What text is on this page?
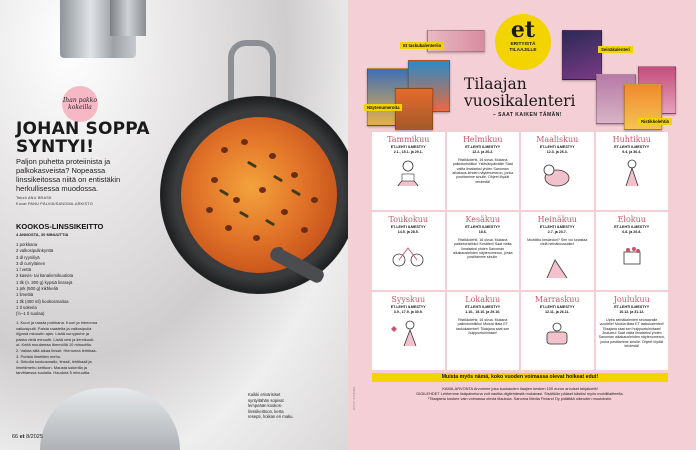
Ihan pakko kokeilla
JOHAN SOPPA
SYNTYI!

Paljon puhetta proteiinista ja palkokasveista? Nopeassa linssikeitossa niitä on entistäkin herkullisessa muodossa.

Teksti ANU BRASK
Kuvat PANU PÄLVIÄ/SANOMA-ARKISTO
KOOKOS-LINSSIKEITTO
4 ANNOSTA, 30 MINUUTTIA
1 porkkana
2 valkosipulinkynttä
3 dl ryyniliyä
3 dl curryläinen
1 l vettä
2 kasvis- tai kanaliemikuutiota
1 tlk (n. 300 g) kypsiä linssejä
1 prk (500 g) kikhkeliä
1 limettiä
1 tlk (400 ml) kookosmaitoa
1 tl sokeria
(½–1 tl suolaa)
1. Kuori ja raasta porkkana. Kuori ja hienonna
valkosipulit. Paista raasteita ja valkosipulia
öljyssä minuutin ajan. Lisää curryjauhe ja
paista vielä minuutti. Lisää vesi ja liemikuuti-
ot. Keitä muutamaa lämmöllä 10 minuuttia.
2. Valuta sillä aikaa linssit. Hienonna lehtikaa-
3. Purista limettien mehu.
4. Sekoita kookosmaito, linssit, lehtikaali ja
limettimehu keittoon. Mausta sokerilla ja
tarvittaessa suolalla. Haudota 5 minuuttia.
Kaikki erivärisiset syntyitähän sopivat lempeään kookos-linssikeittoon, kerta resepti, hoikan eri maku.
66 et 8/2025
Et taskukalenteriin
Näytenumeroita
Seinäkalenteri
Ristikkolehtiä
et
ERITYISTÄ
TILAAJILLE
Tilaajan
vuosikalenteri
– SAAT KAIKEN TÄMÄN!
Tammikuu
ET-LEHTI ILMESTYY
2.1., 15.1. ja 29.1.
Helmikuu
ET-LEHTI ILMESTYY
12.2. ja 26.2.
Ristikkolehti, 16 sivua. Mukana palkintoristikko! Ystävänpäivälle! Saat valita ilmaiseksi yhden Sanoman aikakaus-lehden näytenumeron, jonka postitamme sinulle. Ohjeet löydät lehdestä!
Maaliskuu
ET-LEHTI ILMESTYY
12.3. ja 26.3.
Huhtikuu
ET-LEHTI ILMESTYY
9.4. ja 30.4.
Toukokuu
ET-LEHTI ILMESTYY
14.5. ja 28.5.
Kesäkuu
ET-LEHTI ILMESTYY
18.6.
Ristikkolehti, 16 sivua. Mukana palkintoristikko! Kesäteri! Saat valita ilmaiseksi yhden Sanoman aikakauslehden näytenumeron, jonka postitamme sinulle.
Heinäkuu
ET-LEHTI ILMESTYY
2.7. ja 23.7.
Muistitko kesäeduri? Sen voi lunastaa vielä heinäkuussakin!
Elokuu
ET-LEHTI ILMESTYY
6.8. ja 20.8.
Syyskuu
ET-LEHTI ILMESTYY
3.9., 17.9. ja 30.9.
Lokakuu
ET-LEHTI ILMESTYY
1.10., 15.10. ja 29.10.
Ristikkolehti, 16 sivua. Mukana palkintoristikko! Muista tilata ET taskukalenteri! Tilaajana saat sen huippuetuhintaan!
Marraskuu
ET-LEHTI ILMESTYY
12.11. ja 26.11.
Joulukuu
ET-LEHTI ILMESTYY
10.12. ja 31.12.
Upea seinäkalenteri seuraavalle vuodelle! Muista tilata ET taskukalenteri! Tilaajana saat sen huippuetuhintaan! Jouluetu! Saat valita ilmaiseksi yhden Sanoman aikakauslehden näytenumeron, jonka postitamme sinulle. Ohjeet löydät lehdestä!
Muista myös nämä, koko vuoden voimassa olevat hoikeat edut!
KAMA-ARVONTA Arvomme joka kuukauden Ilaajien kesken 100 euron arvoiset lahjakortit!
DIGILEHDET Lehtemme lisäpalveluna voit nauttia digilehdestä mukanasi. Sisältöön pääset käsiksi myös mobiililaitteella.
*Tilaajaetu koskee vain voimassa olevia tilauksia. Sanoma Media Finland Oy pidättää oikeuden muutoksiin.
KUVAT SANOMA
